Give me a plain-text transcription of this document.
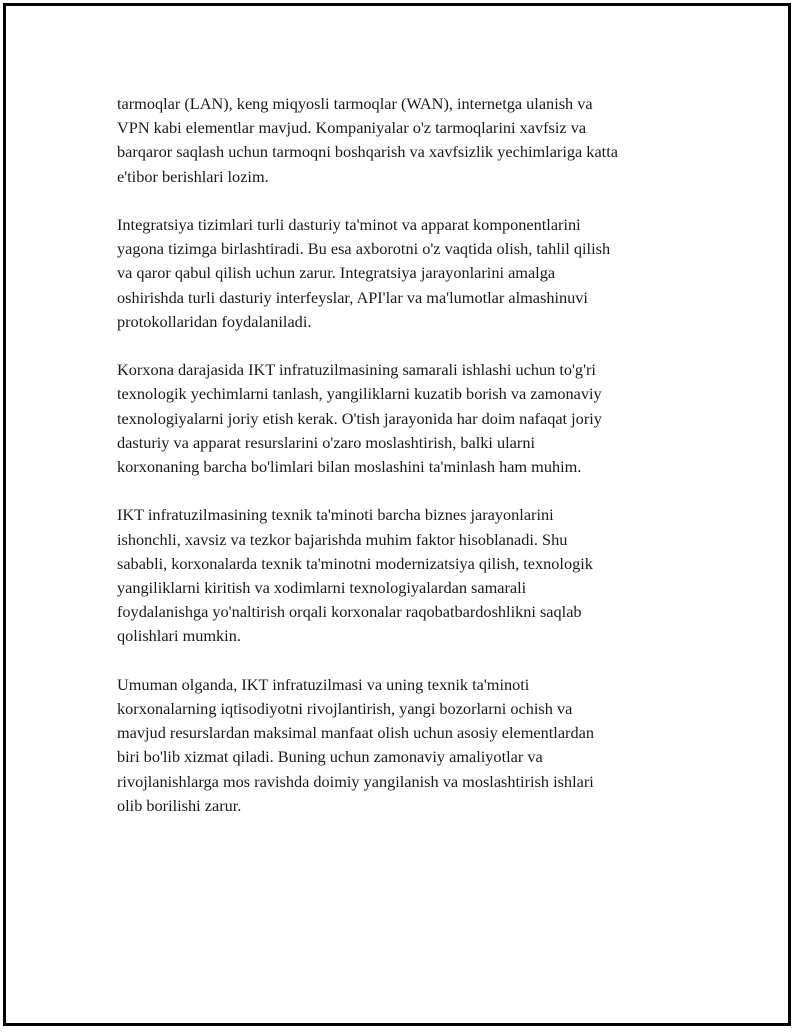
tarmoqlar (LAN), keng miqyosli tarmoqlar (WAN), internetga ulanish va
VPN kabi elementlar mavjud. Kompaniyalar o'z tarmoqlarini xavfsiz va
barqaror saqlash uchun tarmoqni boshqarish va xavfsizlik yechimlariga katta
e'tibor berishlari lozim.

Integratsiya tizimlari turli dasturiy ta'minot va apparat komponentlarini
yagona tizimga birlashtiradi. Bu esa axborotni o'z vaqtida olish, tahlil qilish
va qaror qabul qilish uchun zarur. Integratsiya jarayonlarini amalga
oshirishda turli dasturiy interfeyslar, API'lar va ma'lumotlar almashinuvi
protokollaridan foydalaniladi.

Korxona darajasida IKT infratuzilmasining samarali ishlashi uchun to'g'ri
texnologik yechimlarni tanlash, yangiliklarni kuzatib borish va zamonaviy
texnologiyalarni joriy etish kerak. O'tish jarayonida har doim nafaqat joriy
dasturiy va apparat resurslarini o'zaro moslashtirish, balki ularni
korxonaning barcha bo'limlari bilan moslashini ta'minlash ham muhim.

IKT infratuzilmasining texnik ta'minoti barcha biznes jarayonlarini
ishonchli, xavsiz va tezkor bajarishda muhim faktor hisoblanadi. Shu
sababli, korxonalarda texnik ta'minotni modernizatsiya qilish, texnologik
yangiliklarni kiritish va xodimlarni texnologiyalardan samarali
foydalanishga yo'naltirish orqali korxonalar raqobatbardoshlikni saqlab
qolishlari mumkin.

Umuman olganda, IKT infratuzilmasi va uning texnik ta'minoti
korxonalarning iqtisodiyotni rivojlantirish, yangi bozorlarni ochish va
mavjud resurslardan maksimal manfaat olish uchun asosiy elementlardan
biri bo'lib xizmat qiladi. Buning uchun zamonaviy amaliyotlar va
rivojlanishlarga mos ravishda doimiy yangilanish va moslashtirish ishlari
olib borilishi zarur.
